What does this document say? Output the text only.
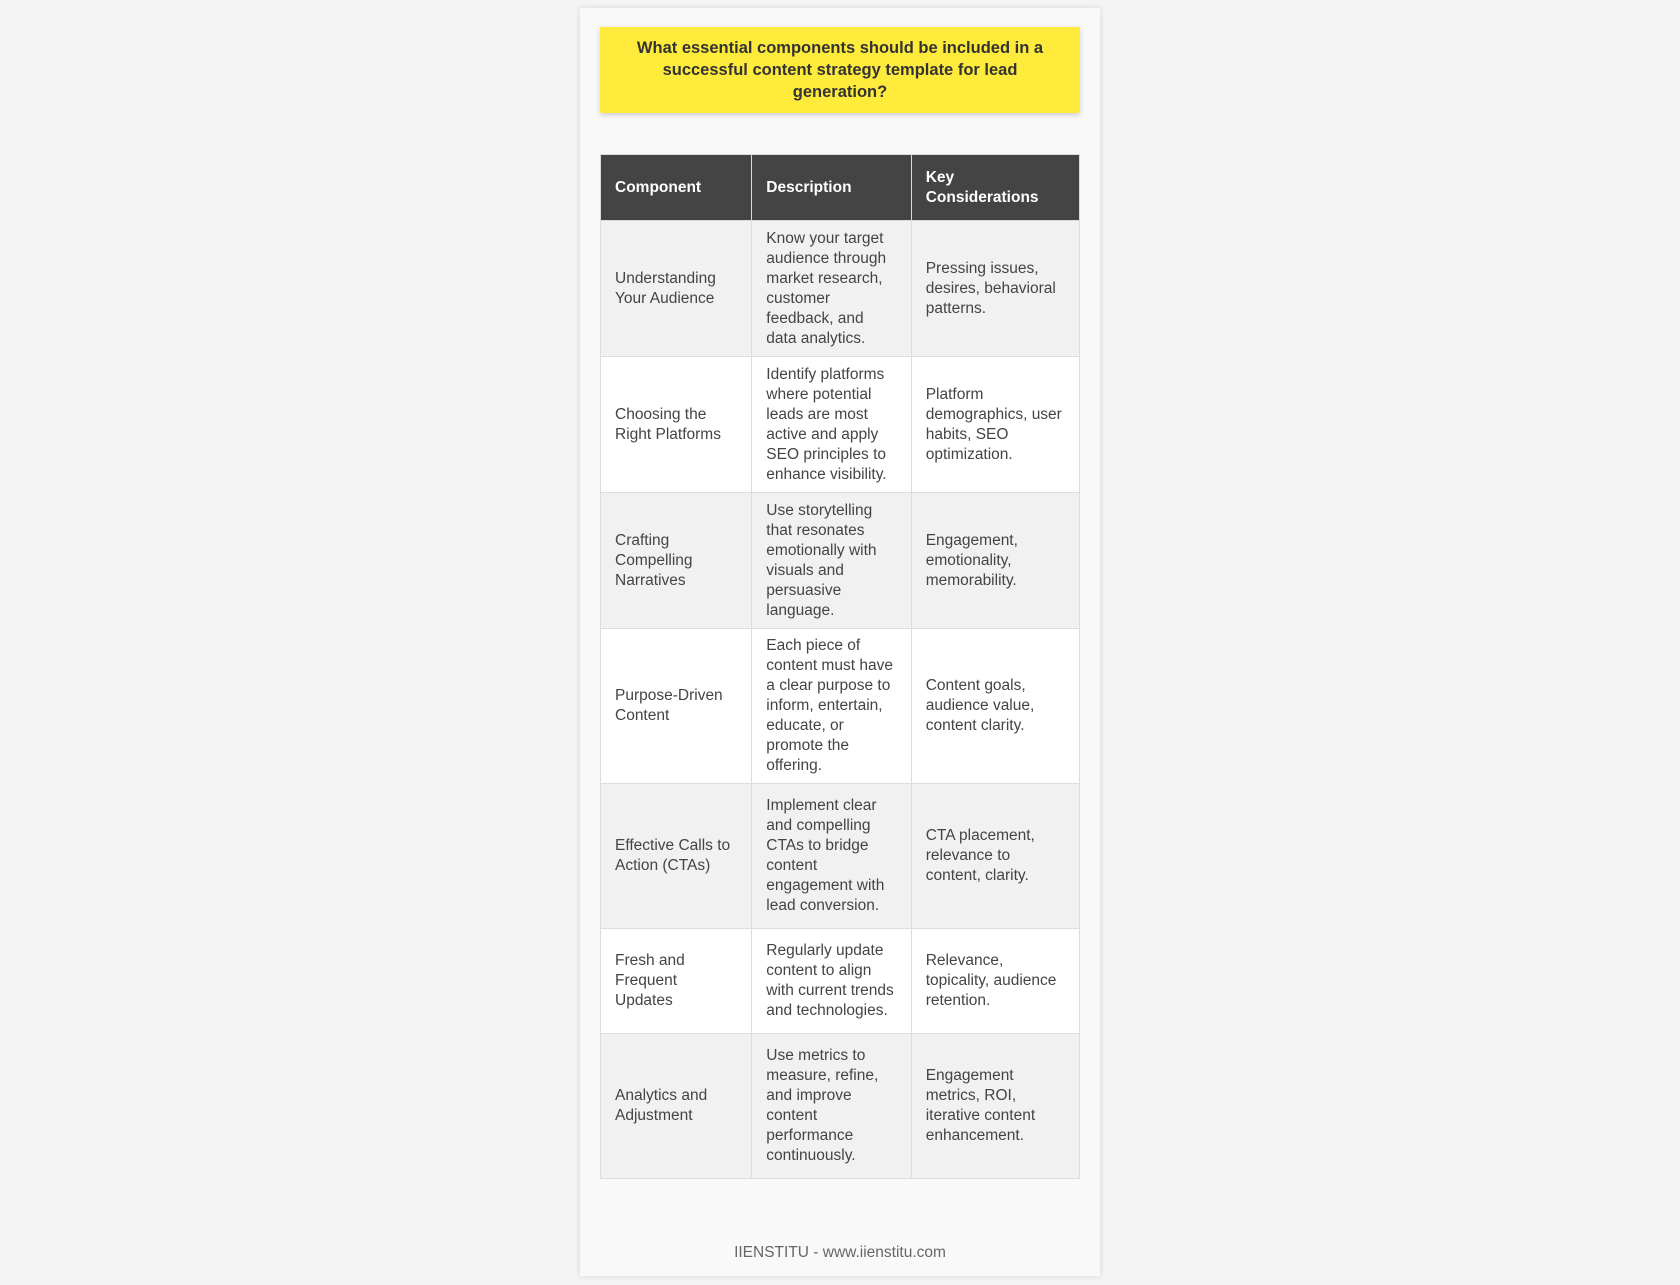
What essential components should be included in a successful content strategy template for lead generation?
Component	Description	Key Considerations
Understanding Your Audience	Know your target audience through market research, customer feedback, and data analytics.	Pressing issues, desires, behavioral patterns.
Choosing the Right Platforms	Identify platforms where potential leads are most active and apply SEO principles to enhance visibility.	Platform demographics, user habits, SEO optimization.
Crafting Compelling Narratives	Use storytelling that resonates emotionally with visuals and persuasive language.	Engagement, emotionality, memorability.
Purpose-Driven Content	Each piece of content must have a clear purpose to inform, entertain, educate, or promote the offering.	Content goals, audience value, content clarity.
Effective Calls to Action (CTAs)	Implement clear and compelling CTAs to bridge content engagement with lead conversion.	CTA placement, relevance to content, clarity.
Fresh and Frequent Updates	Regularly update content to align with current trends and technologies.	Relevance, topicality, audience retention.
Analytics and Adjustment	Use metrics to measure, refine, and improve content performance continuously.	Engagement metrics, ROI, iterative content enhancement.
IIENSTITU - www.iienstitu.com
